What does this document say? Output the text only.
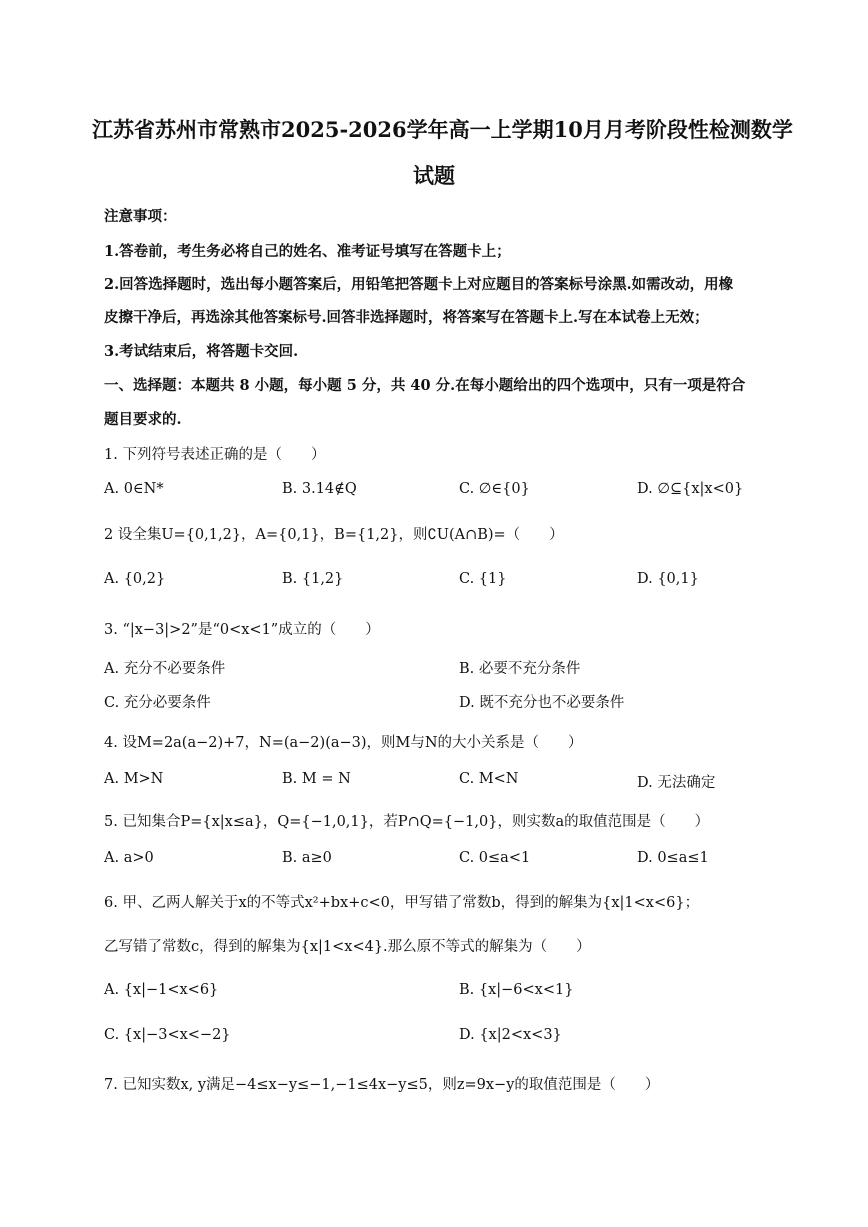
江苏省苏州市常熟市2025-2026学年高一上学期10月月考阶段性检测数学
试题
注意事项：
1.答卷前，考生务必将自己的姓名、准考证号填写在答题卡上；
2.回答选择题时，选出每小题答案后，用铅笔把答题卡上对应题目的答案标号涂黑.如需改动，用橡
皮擦干净后，再选涂其他答案标号.回答非选择题时，将答案写在答题卡上.写在本试卷上无效；
3.考试结束后，将答题卡交回.
一、选择题：本题共 8 小题，每小题 5 分，共 40 分.在每小题给出的四个选项中，只有一项是符合
题目要求的.
1. 下列符号表述正确的是（　　）
A. 0∈N*	B. 3.14∉Q	C. ∅∈{0}	D. ∅⊆{x|x<0}
2 设全集U={0,1,2}，A={0,1}，B={1,2}，则∁U(A∩B)=（　　）
A. {0,2}	B. {1,2}	C. {1}	D. {0,1}
3. “|x−3|>2”是“0<x<1”成立的（　　）
A. 充分不必要条件	B. 必要不充分条件
C. 充分必要条件	D. 既不充分也不必要条件
4. 设M=2a(a−2)+7，N=(a−2)(a−3)，则M与N的大小关系是（　　）
A. M>N	B. M = N	C. M<N	D. 无法确定
5. 已知集合P={x|x≤a}，Q={−1,0,1}，若P∩Q={−1,0}，则实数a的取值范围是（　　）
A. a>0	B. a≥0	C. 0≤a<1	D. 0≤a≤1
6. 甲、乙两人解关于x的不等式x²+bx+c<0，甲写错了常数b，得到的解集为{x|1<x<6}；
乙写错了常数c，得到的解集为{x|1<x<4}.那么原不等式的解集为（　　）
A. {x|−1<x<6}	B. {x|−6<x<1}
C. {x|−3<x<−2}	D. {x|2<x<3}
7. 已知实数x, y满足−4≤x−y≤−1,−1≤4x−y≤5，则z=9x−y的取值范围是（　　）
